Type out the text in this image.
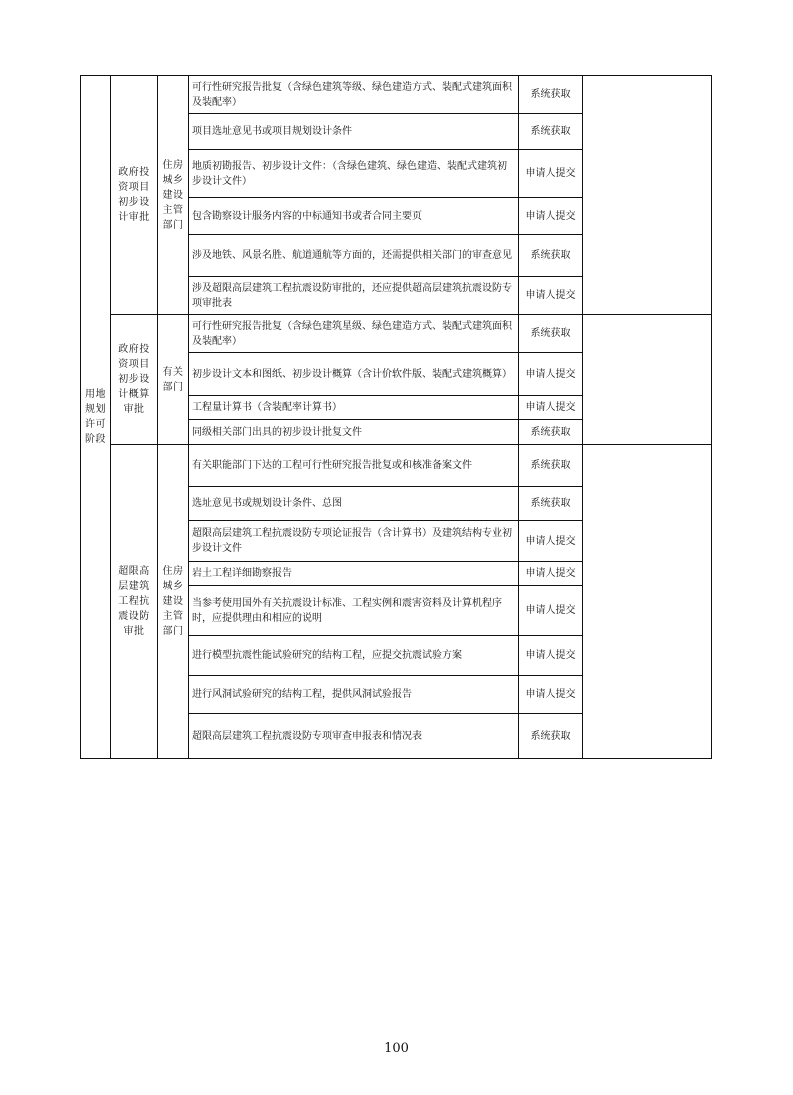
用地规划许可阶段	政府投资项目初步设计审批	住房城乡建设主管部门	可行性研究报告批复（含绿色建筑等级、绿色建造方式、装配式建筑面积及装配率）	系统获取	
			项目选址意见书或项目规划设计条件	系统获取	
			地质初勘报告、初步设计文件：（含绿色建筑、绿色建造、装配式建筑初步设计文件）	申请人提交	
			包含勘察设计服务内容的中标通知书或者合同主要页	申请人提交	
			涉及地铁、风景名胜、航道通航等方面的，还需提供相关部门的审查意见	系统获取	
			涉及超限高层建筑工程抗震设防审批的，还应提供超高层建筑抗震设防专项审批表	申请人提交	
	政府投资项目初步设计概算审批	有关部门	可行性研究报告批复（含绿色建筑星级、绿色建造方式、装配式建筑面积及装配率）	系统获取	
			初步设计文本和图纸、初步设计概算（含计价软件版、装配式建筑概算）	申请人提交	
			工程量计算书（含装配率计算书）	申请人提交	
			同级相关部门出具的初步设计批复文件	系统获取	
	超限高层建筑工程抗震设防审批	住房城乡建设主管部门	有关职能部门下达的工程可行性研究报告批复或和核准备案文件	系统获取	
			选址意见书或规划设计条件、总图	系统获取	
			超限高层建筑工程抗震设防专项论证报告（含计算书）及建筑结构专业初步设计文件	申请人提交	
			岩土工程详细勘察报告	申请人提交	
			当参考使用国外有关抗震设计标准、工程实例和震害资料及计算机程序时，应提供理由和相应的说明	申请人提交	
			进行模型抗震性能试验研究的结构工程，应提交抗震试验方案	申请人提交	
			进行风洞试验研究的结构工程，提供风洞试验报告	申请人提交	
			超限高层建筑工程抗震设防专项审查申报表和情况表	系统获取	
100
